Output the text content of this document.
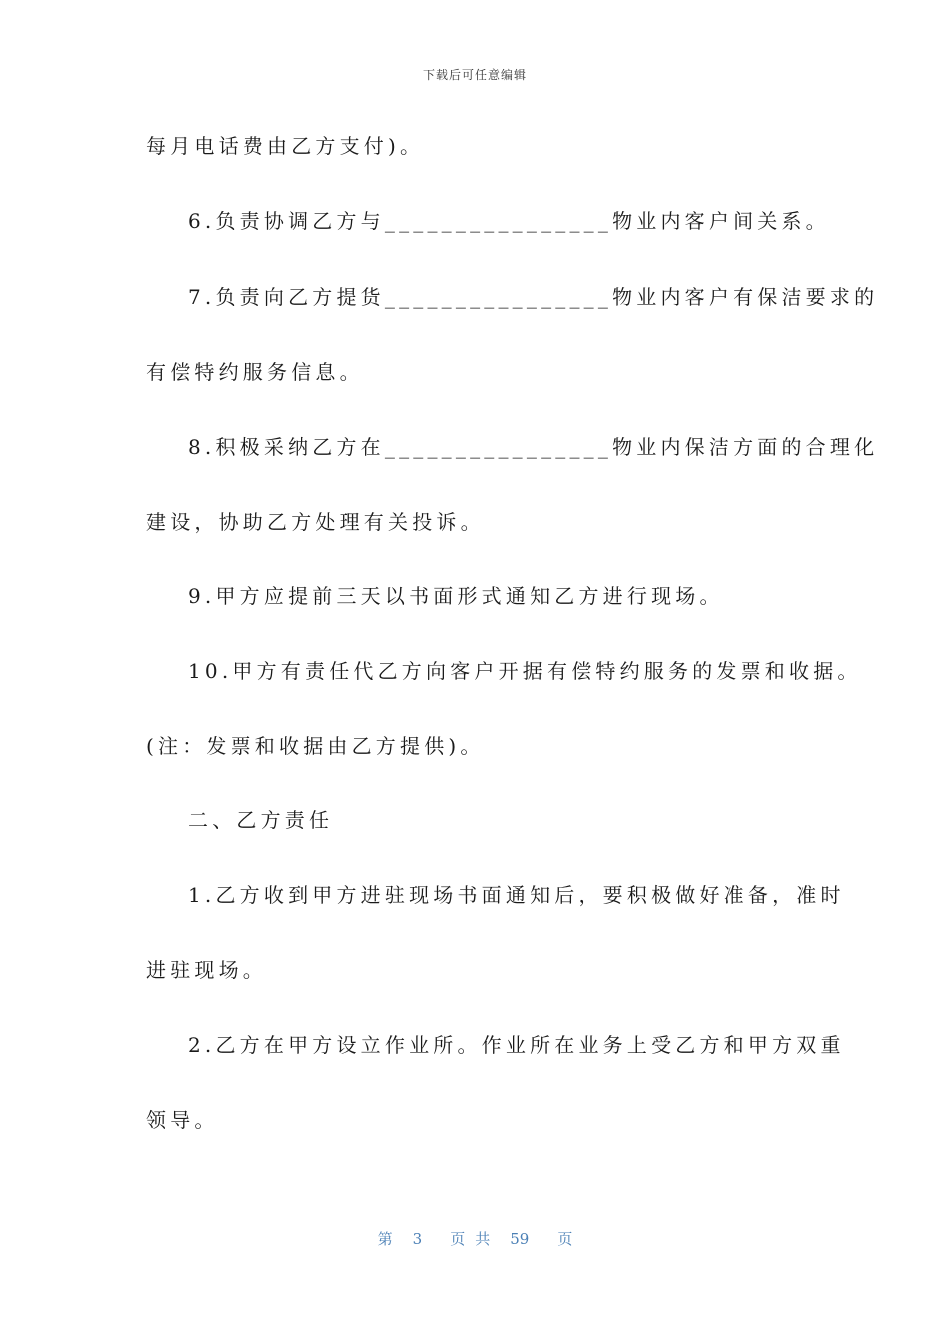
下载后可任意编辑
每月电话费由乙方支付)。
6.负责协调乙方与________________物业内客户间关系。
7.负责向乙方提货________________物业内客户有保洁要求的
有偿特约服务信息。
8.积极采纳乙方在________________物业内保洁方面的合理化
建设，协助乙方处理有关投诉。
9.甲方应提前三天以书面形式通知乙方进行现场。
10.甲方有责任代乙方向客户开据有偿特约服务的发票和收据。
(注：发票和收据由乙方提供)。
二、乙方责任
1.乙方收到甲方进驻现场书面通知后，要积极做好准备，准时
进驻现场。
2.乙方在甲方设立作业所。作业所在业务上受乙方和甲方双重
领导。
第 3 页 共 59 页
